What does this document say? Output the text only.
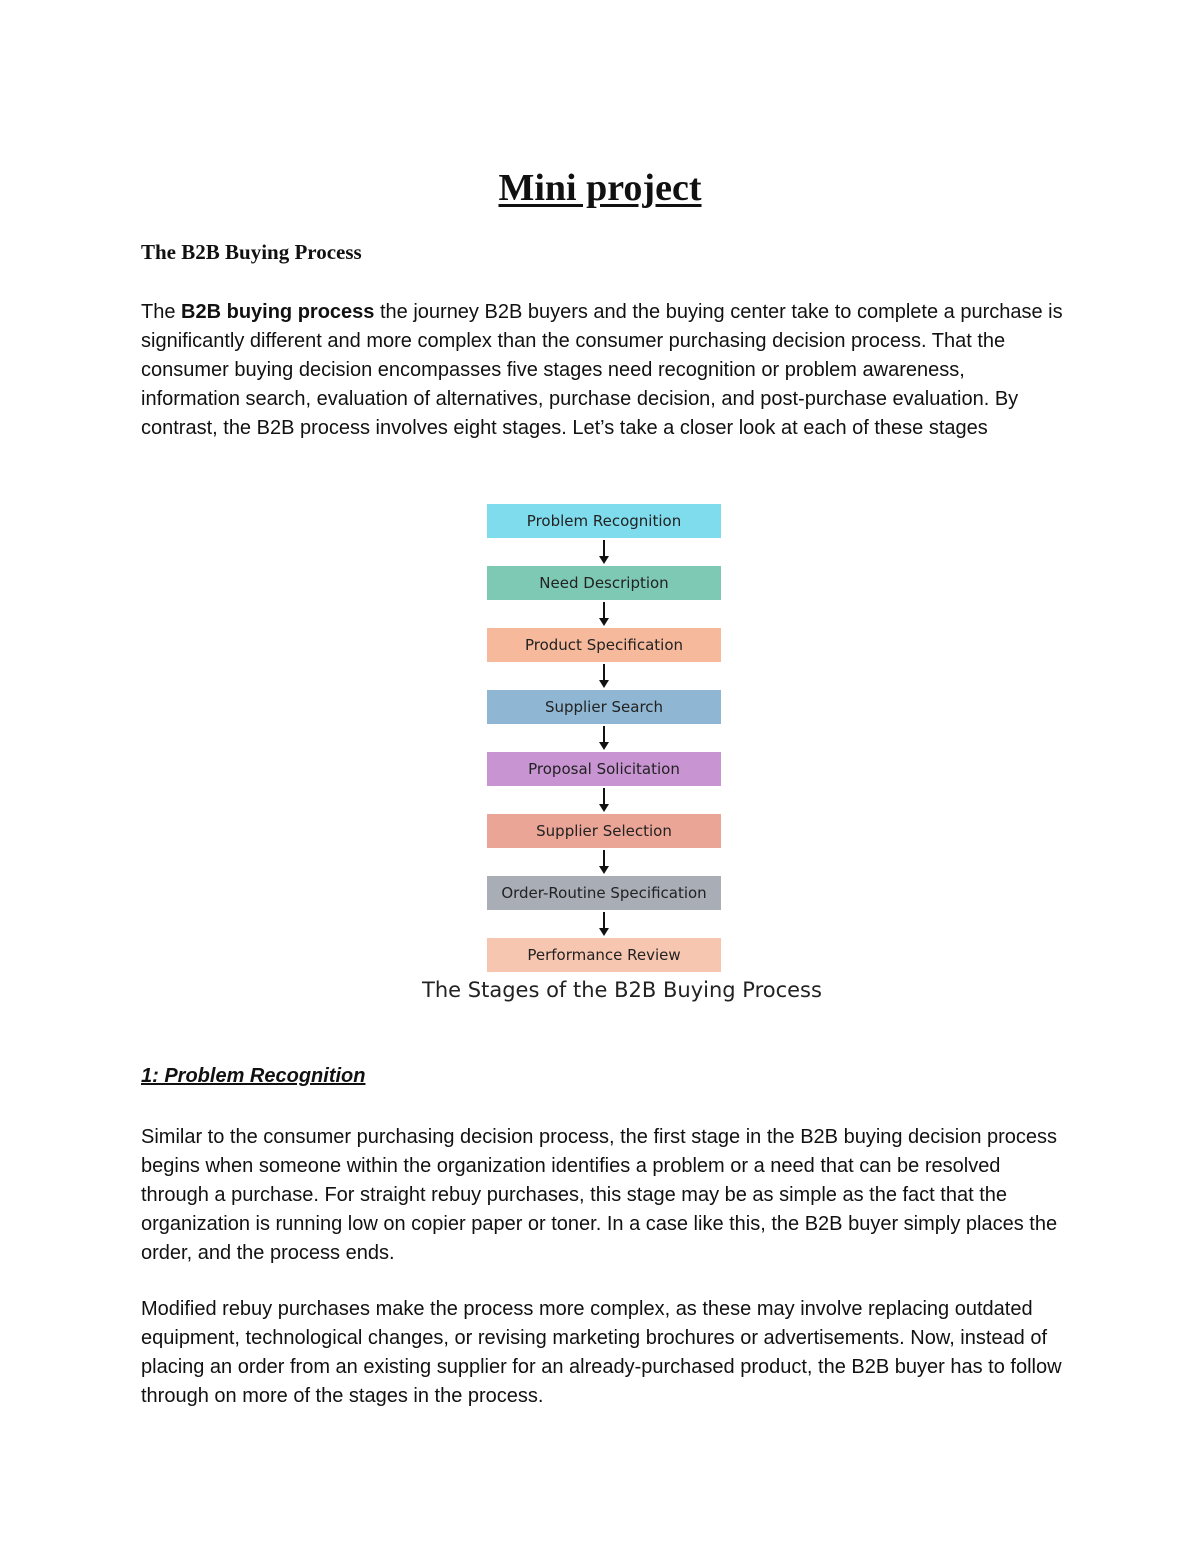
Mini project
The B2B Buying Process

The B2B buying process the journey B2B buyers and the buying center take to complete a purchase is significantly different and more complex than the consumer purchasing decision process. That the consumer buying decision encompasses five stages need recognition or problem awareness, information search, evaluation of alternatives, purchase decision, and post-purchase evaluation. By contrast, the B2B process involves eight stages. Let’s take a closer look at each of these stages

Problem Recognition
Need Description
Product Specification
Supplier Search
Proposal Solicitation
Supplier Selection
Order-Routine Specification
Performance Review

The Stages of the B2B Buying Process

1: Problem Recognition

Similar to the consumer purchasing decision process, the first stage in the B2B buying decision process begins when someone within the organization identifies a problem or a need that can be resolved through a purchase. For straight rebuy purchases, this stage may be as simple as the fact that the organization is running low on copier paper or toner. In a case like this, the B2B buyer simply places the order, and the process ends.

Modified rebuy purchases make the process more complex, as these may involve replacing outdated equipment, technological changes, or revising marketing brochures or advertisements. Now, instead of placing an order from an existing supplier for an already-purchased product, the B2B buyer has to follow through on more of the stages in the process.
